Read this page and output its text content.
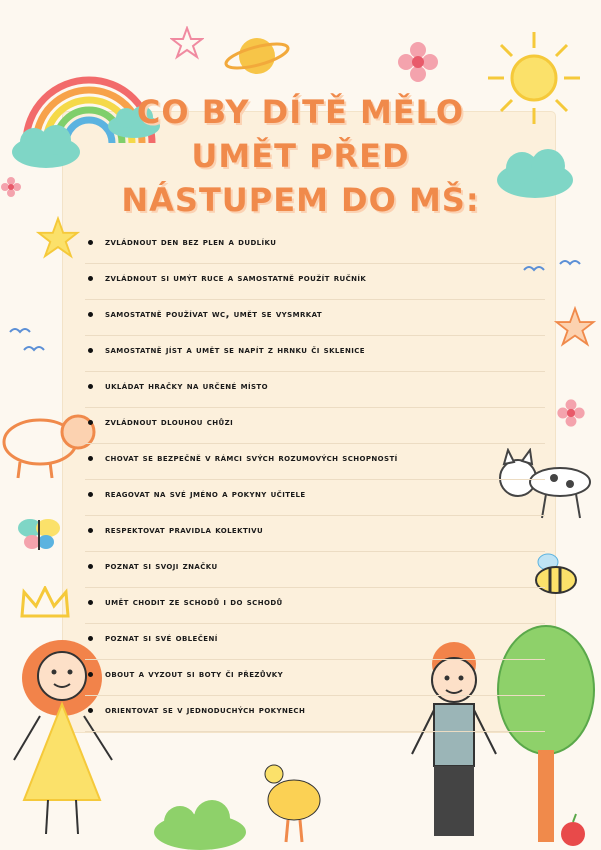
CO BY DÍTĚ MĚLO
UMĚT PŘED
NÁSTUPEM DO MŠ:
zvládnout den bez plen a dudlíku
zvládnout si umýt ruce a samostatně použít ručník
samostatně používat wc, umět se vysmrkat
samostatně jíst a umět se napít z hrnku či sklenice
ukládat hračky na určené místo
zvládnout dlouhou chůzi
chovat se bezpečně v rámci svých rozumových schopností
reagovat na své jméno a pokyny učitele
respektovat pravidla kolektivu
poznat si svoji značku
umět chodit ze schodů i do schodů
poznat si své oblečení
obout a vyzout si boty či přezůvky
orientovat se v jednoduchých pokynech
